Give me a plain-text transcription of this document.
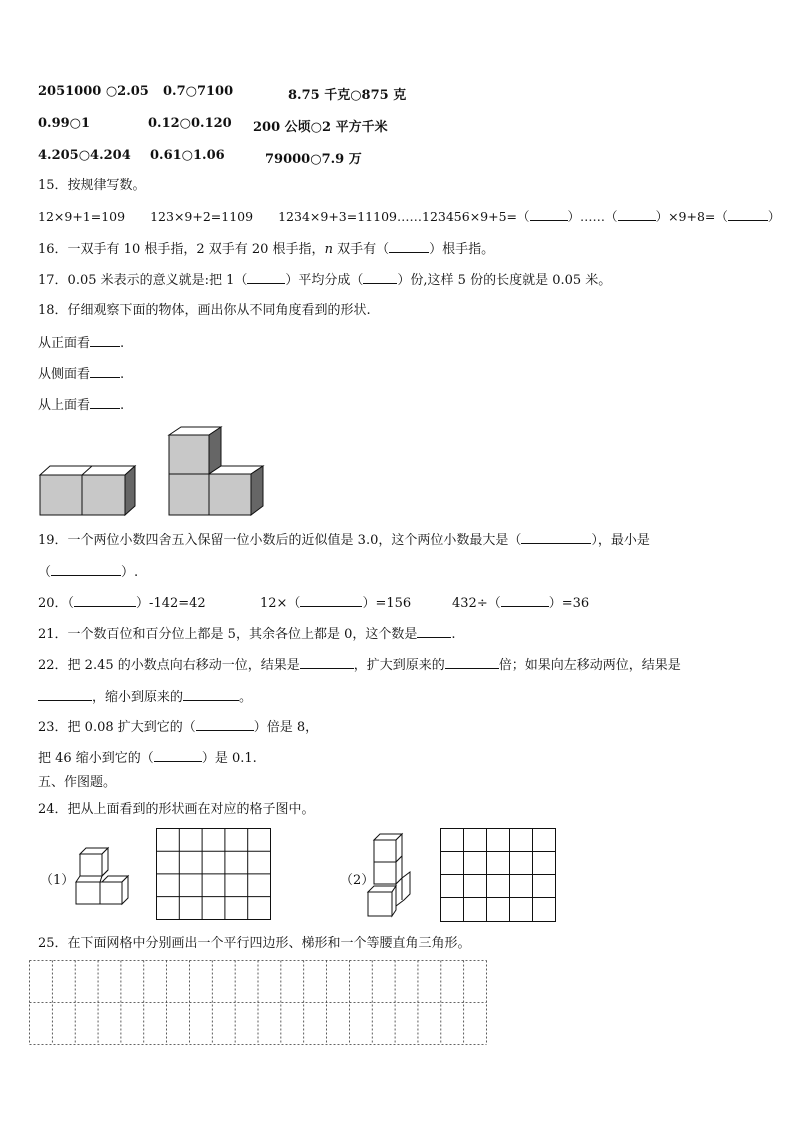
2051000 ○2.05 0.7○7100	8.75 千克○875 克
0.99○1	0.12○0.120 200 公顷○2 平方千米
4.205○4.204 0.61○1.06	79000○7.9 万
15．按规律写数。
12×9+1=109　　123×9+2=1109　　1234×9+3=11109……123456×9+5=（	）……（	）×9+8=（	）
16．一双手有 10 根手指，2 双手有 20 根手指，n 双手有（	）根手指。
17．0.05 米表示的意义就是:把 1（	）平均分成（	）份,这样 5 份的长度就是 0.05 米。
18．仔细观察下面的物体，画出你从不同角度看到的形状.
从正面看 .
从侧面看 .
从上面看 .
19．一个两位小数四舍五入保留一位小数后的近似值是 3.0，这个两位小数最大是（	），最小是
（	）.
20．（	）-142=42	12×（	）=156	432÷（	）=36
21．一个数百位和百分位上都是 5，其余各位上都是 0，这个数是	.
22．把 2.45 的小数点向右移动一位，结果是	，扩大到原来的	倍；如果向左移动两位，结果是
，缩小到原来的	。
23．把 0.08 扩大到它的（	）倍是 8，
把 46 缩小到它的（	）是 0.1.
五、作图题。
24．把从上面看到的形状画在对应的格子图中。
（1）	（2）
25．在下面网格中分别画出一个平行四边形、梯形和一个等腰直角三角形。
